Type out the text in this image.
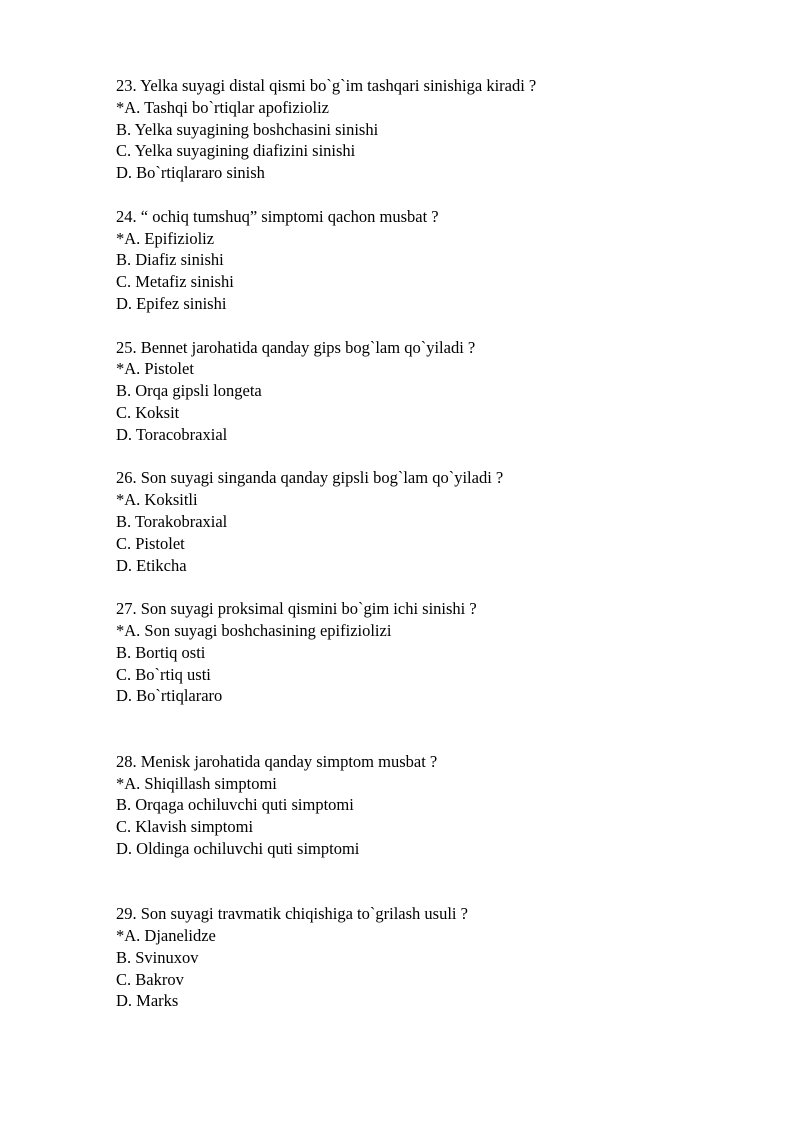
23. Yelka suyagi distal qismi bo`g`im tashqari sinishiga kiradi ?
*A. Tashqi bo`rtiqlar apofizioliz
B. Yelka suyagining boshchasini sinishi
C. Yelka suyagining diafizini sinishi
D. Bo`rtiqlararo sinish
24. “ ochiq tumshuq” simptomi qachon musbat ?
*A. Epifizioliz
B. Diafiz sinishi
C. Metafiz sinishi
D. Epifez sinishi
25. Bennet jarohatida qanday gips bog`lam qo`yiladi ?
*A. Pistolet
B. Orqa gipsli longeta
C. Koksit
D. Toracobraxial
26. Son suyagi singanda qanday gipsli bog`lam qo`yiladi ?
*A. Koksitli
B. Torakobraxial
C. Pistolet
D. Etikcha
27. Son suyagi proksimal qismini bo`gim ichi sinishi ?
*A. Son suyagi boshchasining epifiziolizi
B. Bortiq osti
C. Bo`rtiq usti
D. Bo`rtiqlararo
28. Menisk jarohatida qanday simptom musbat ?
*A. Shiqillash simptomi
B. Orqaga ochiluvchi quti simptomi
C. Klavish simptomi
D. Oldinga ochiluvchi quti simptomi
29. Son suyagi travmatik chiqishiga to`grilash usuli ?
*A. Djanelidze
B. Svinuxov
C. Bakrov
D. Marks
